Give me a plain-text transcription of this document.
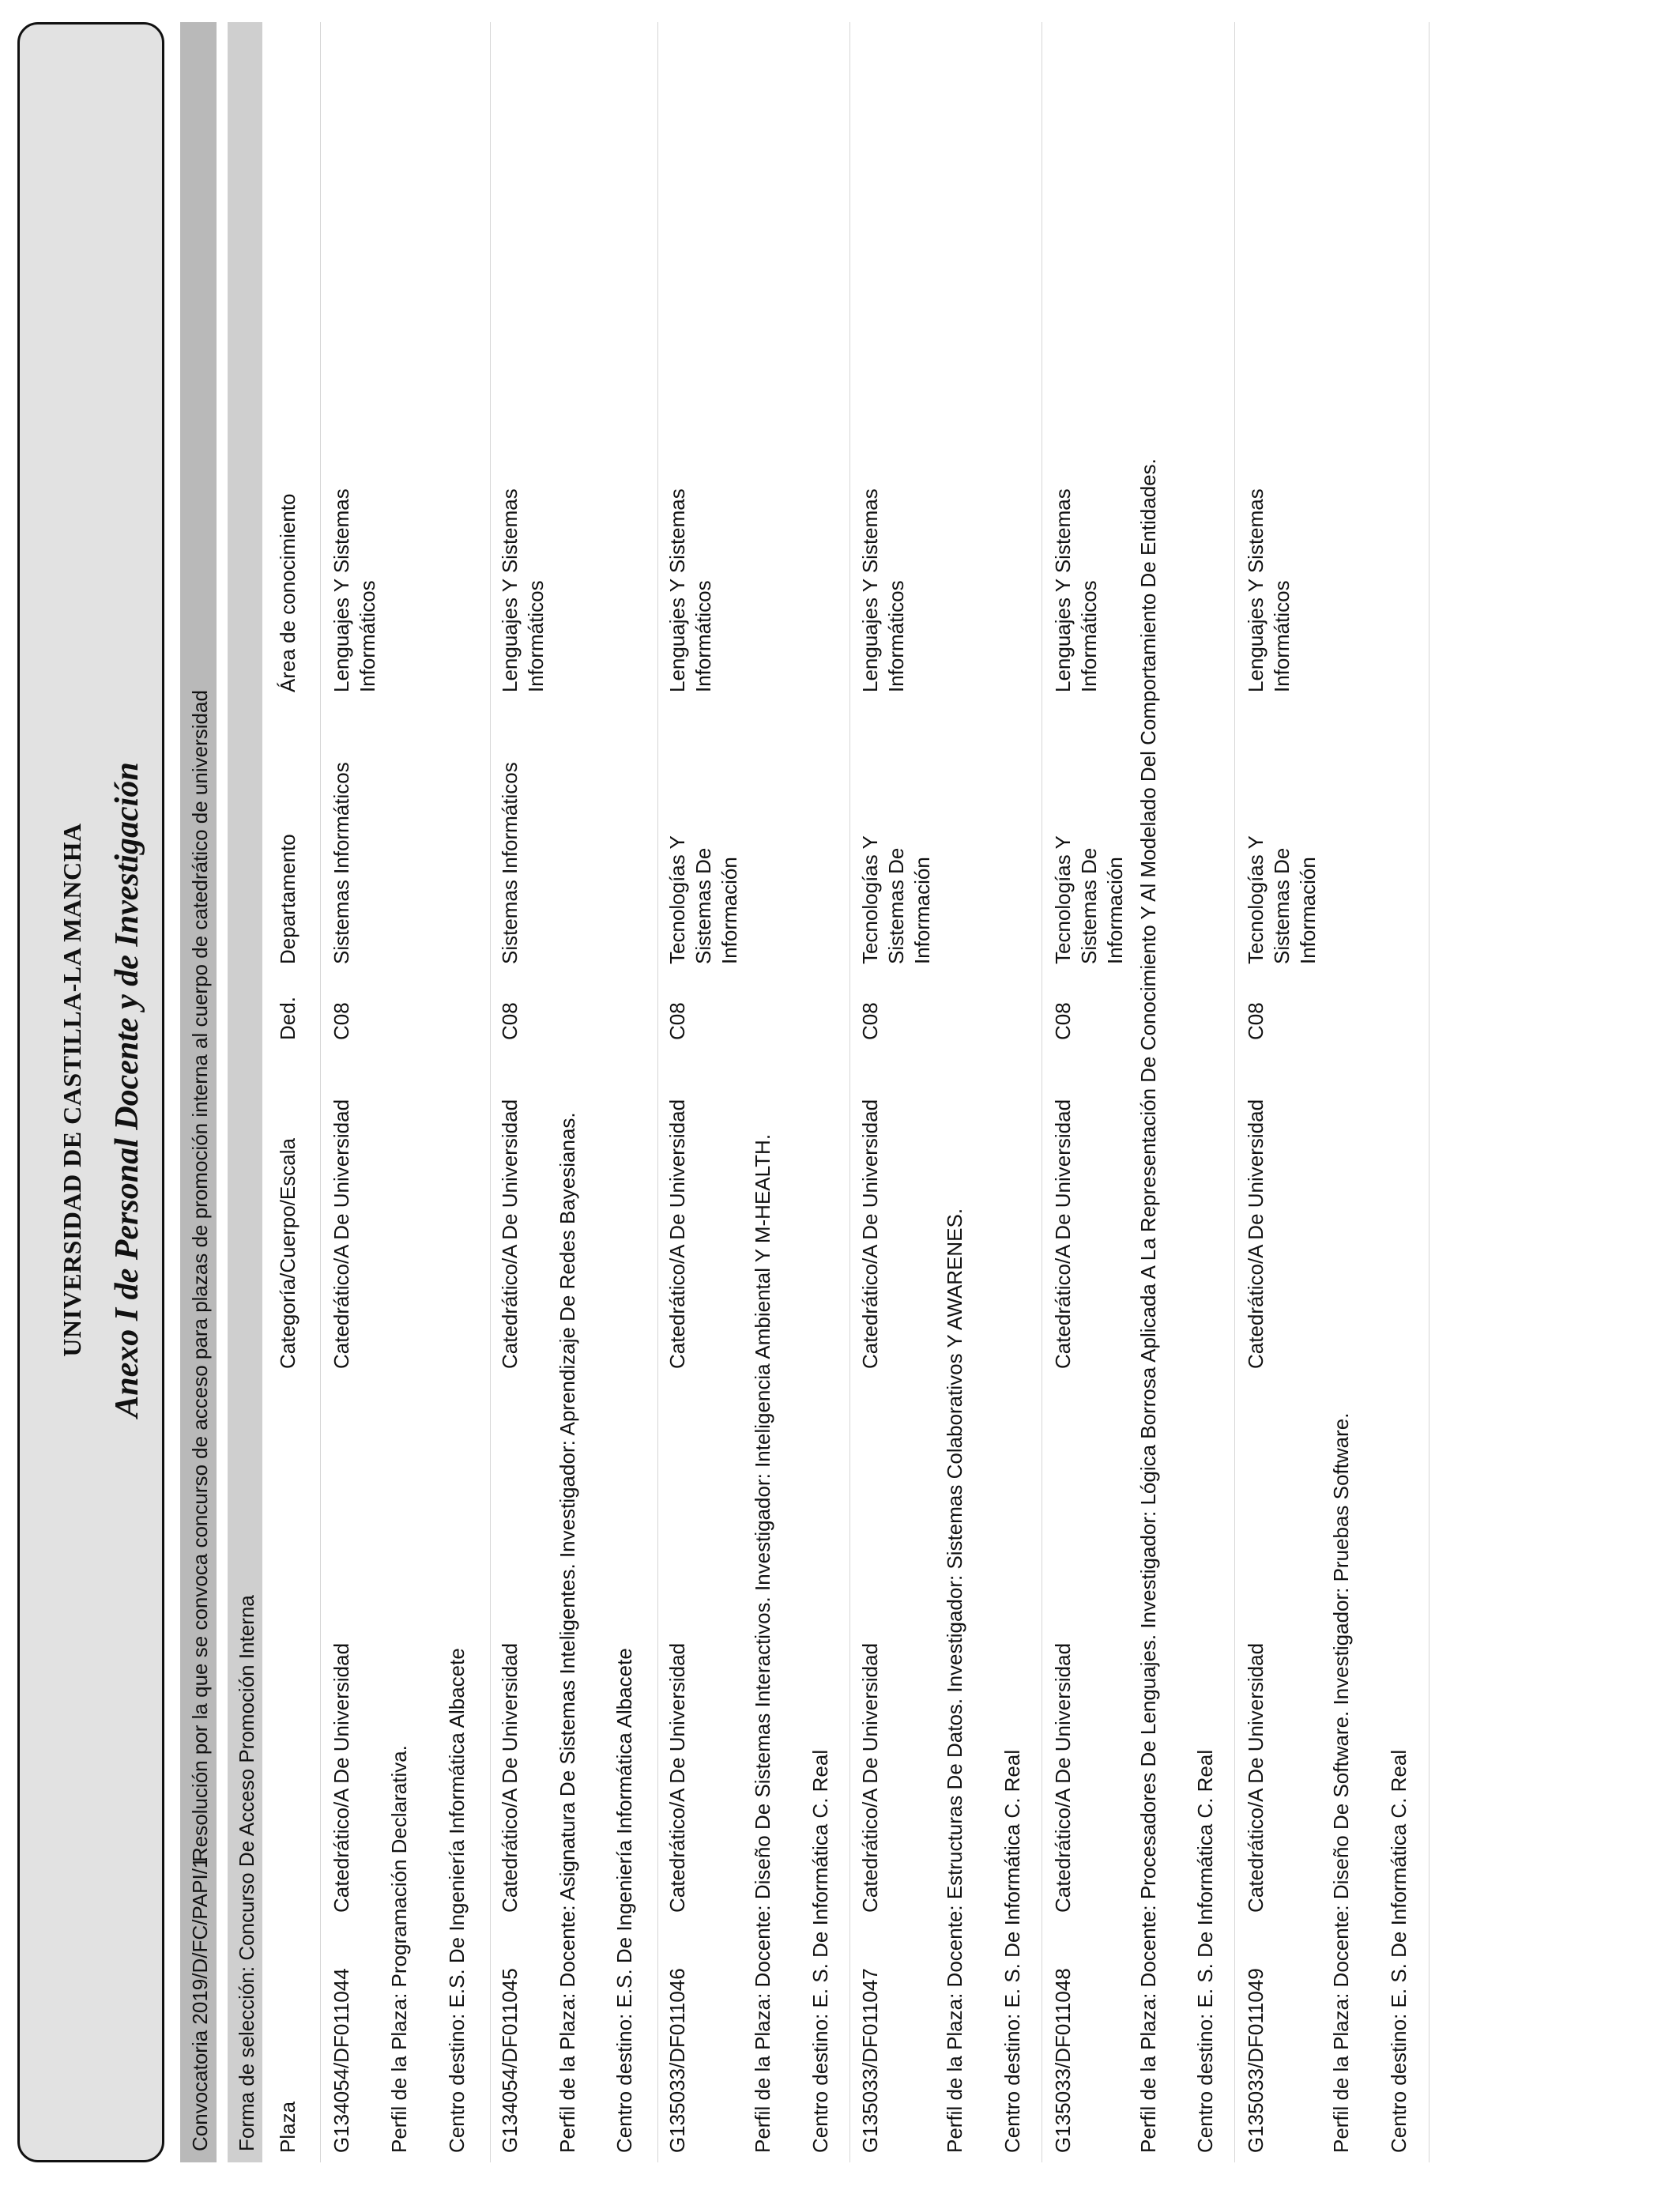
UNIVERSIDAD DE CASTILLA-LA MANCHA Anexo I de Personal Docente y de Investigación
Convocatoria 2019/D/FC/PAPI/1
Resolución por la que se convoca concurso de acceso para plazas de promoción interna al cuerpo de catedrático de universidad
Forma de selección: Concurso De Acceso Promoción Interna Plaza
Categoría/Cuerpo/Escala
Ded.
Departamento
Área de conocimiento
G134054/DF011044
Catedrático/A De Universidad
Catedrático/A De Universidad
C08
Sistemas Informáticos
Lenguajes Y Sistemas Informáticos
Perfil de la Plaza: Programación Declarativa. Centro destino: E.S. De Ingeniería Informática Albacete G134054/DF011045
Catedrático/A De Universidad
Catedrático/A De Universidad
C08
Sistemas Informáticos
Lenguajes Y Sistemas Informáticos
Perfil de la Plaza: Docente: Asignatura De Sistemas Inteligentes. Investigador: Aprendizaje De Redes Bayesianas. Centro destino: E.S. De Ingeniería Informática Albacete G135033/DF011046
Catedrático/A De Universidad
Catedrático/A De Universidad
C08
Tecnologías Y Sistemas De Información
Lenguajes Y Sistemas Informáticos
Perfil de la Plaza: Docente: Diseño De Sistemas Interactivos. Investigador: Inteligencia Ambiental Y M-HEALTH. Centro destino: E. S. De Informática C. Real G135033/DF011047
Catedrático/A De Universidad
Catedrático/A De Universidad
C08
Tecnologías Y Sistemas De Información
Lenguajes Y Sistemas Informáticos
Perfil de la Plaza: Docente: Estructuras De Datos. Investigador: Sistemas Colaborativos Y AWARENES. Centro destino: E. S. De Informática C. Real G135033/DF011048
Catedrático/A De Universidad
Catedrático/A De Universidad
C08
Tecnologías Y Sistemas De Información
Lenguajes Y Sistemas Informáticos Perfil de la Plaza: Docente: Procesadores De Lenguajes. Investigador: Lógica Borrosa Aplicada A La Representación De Conocimiento Y Al Modelado Del Comportamiento De Entidades. Centro destino: E. S. De Informática C. Real G135033/DF011049
Catedrático/A De Universidad
Catedrático/A De Universidad
C08
Tecnologías Y Sistemas De Información
Lenguajes Y Sistemas Informáticos
Perfil de la Plaza: Docente: Diseño De Software. Investigador: Pruebas Software. Centro destino: E. S. De Informática C. Real
